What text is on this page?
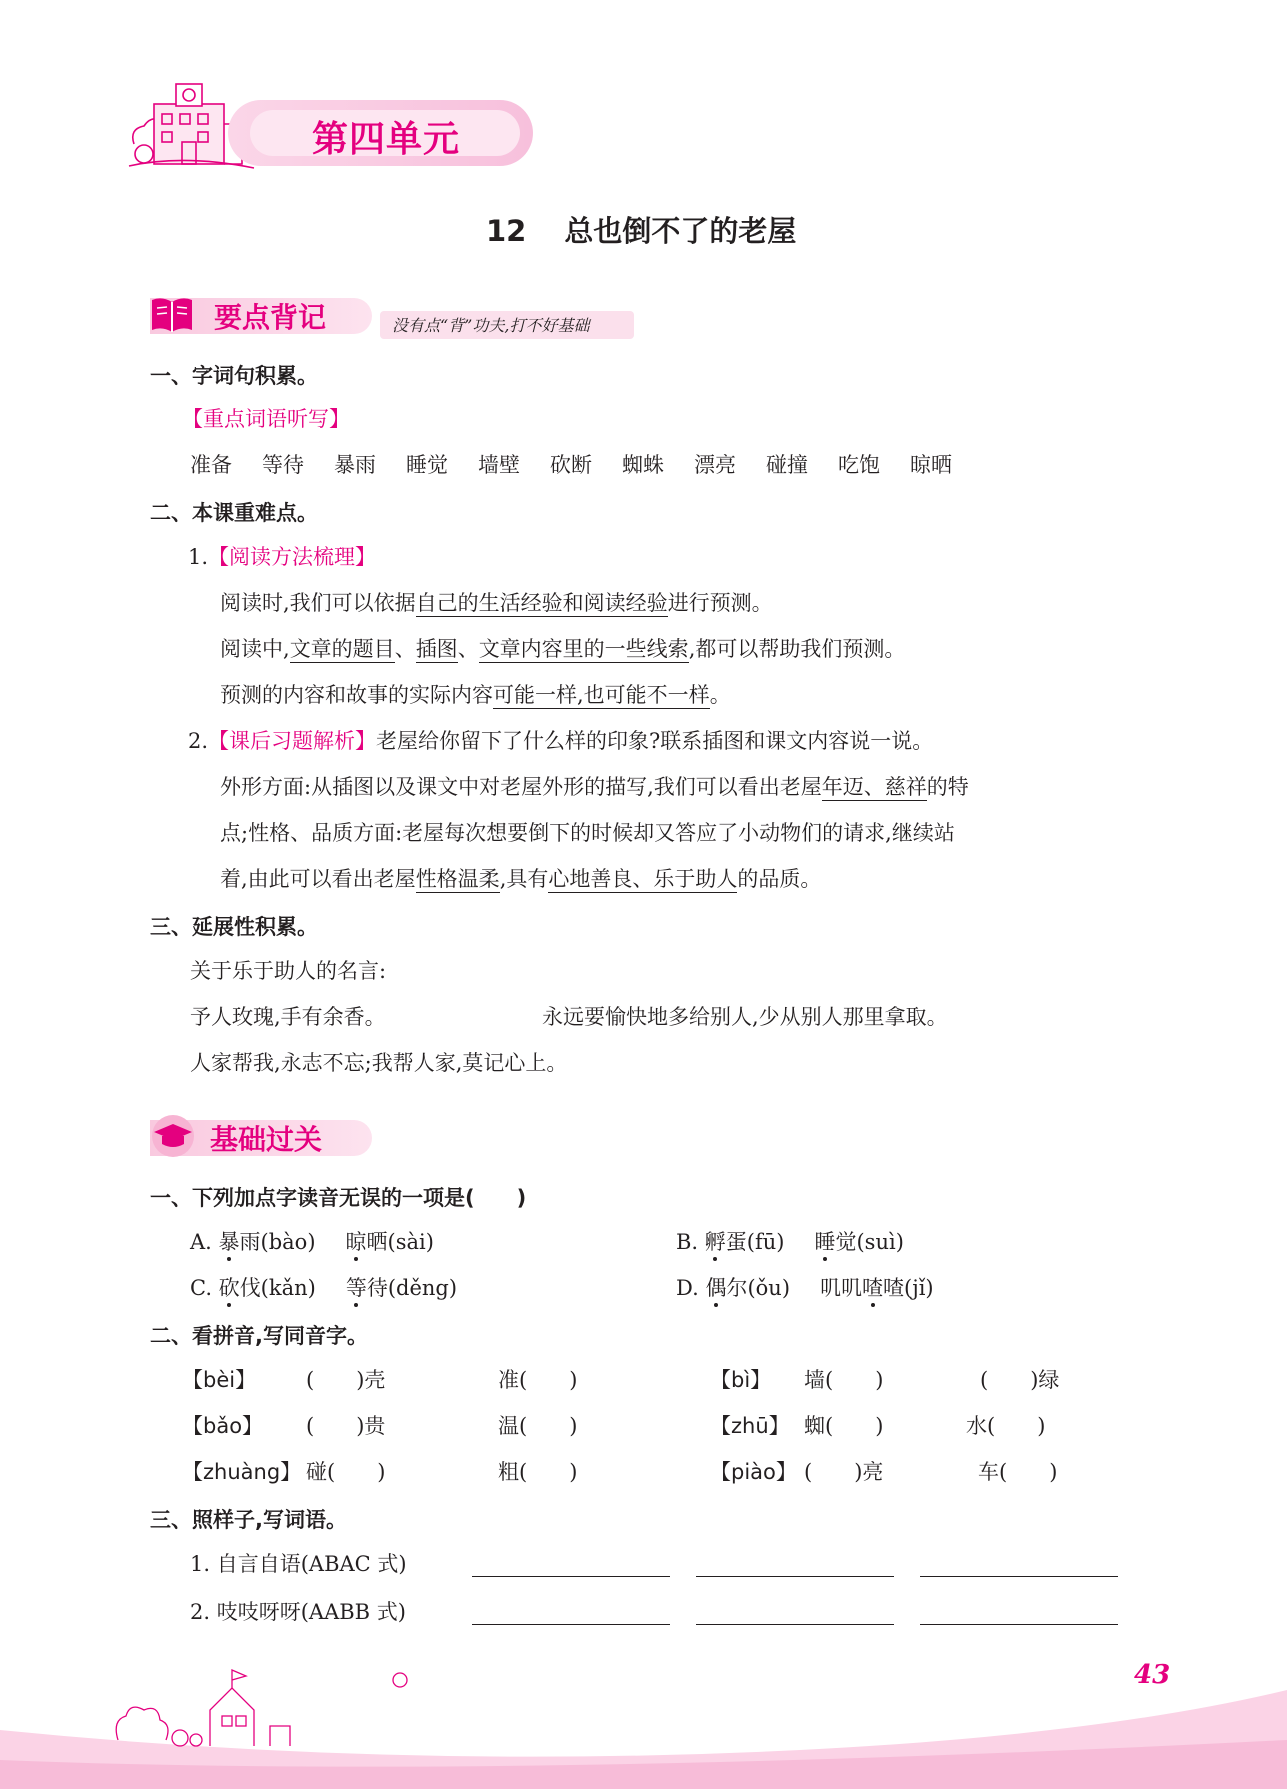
第四单元
12 总也倒不了的老屋
要点背记	没有点“背”功夫,打不好基础
一、字词句积累。
【重点词语听写】
准备 等待 暴雨 睡觉 墙壁 砍断 蜘蛛 漂亮 碰撞 吃饱 晾晒
二、本课重难点。
1.【阅读方法梳理】
阅读时,我们可以依据自己的生活经验和阅读经验进行预测。
阅读中,文章的题目、插图、文章内容里的一些线索,都可以帮助我们预测。
预测的内容和故事的实际内容可能一样,也可能不一样。
2.【课后习题解析】老屋给你留下了什么样的印象?联系插图和课文内容说一说。
外形方面:从插图以及课文中对老屋外形的描写,我们可以看出老屋年迈、慈祥的特
点;性格、品质方面:老屋每次想要倒下的时候却又答应了小动物们的请求,继续站
着,由此可以看出老屋性格温柔,具有心地善良、乐于助人的品质。
三、延展性积累。
关于乐于助人的名言:
予人玫瑰,手有余香。	永远要愉快地多给别人,少从别人那里拿取。
人家帮我,永志不忘;我帮人家,莫记心上。
基础过关
一、下列加点字读音无误的一项是(　　)
A. 暴雨(bào) 晾晒(sài)	B. 孵蛋(fū) 睡觉(suì)
C. 砍伐(kǎn) 等待(děng)	D. 偶尔(ǒu) 叽叽喳喳(jǐ)
二、看拼音,写同音字。
【bèi】 (　　)壳	准(　　)	【bì】 墙(　　)	(　　)绿
【bǎo】 (　　)贵	温(　　)	【zhū】 蜘(　　)	水(　　)
【zhuàng】 碰(　　)	粗(　　)	【piào】 (　　)亮	车(　　)
三、照样子,写词语。
1. 自言自语(ABAC 式)
2. 吱吱呀呀(AABB 式)
43
